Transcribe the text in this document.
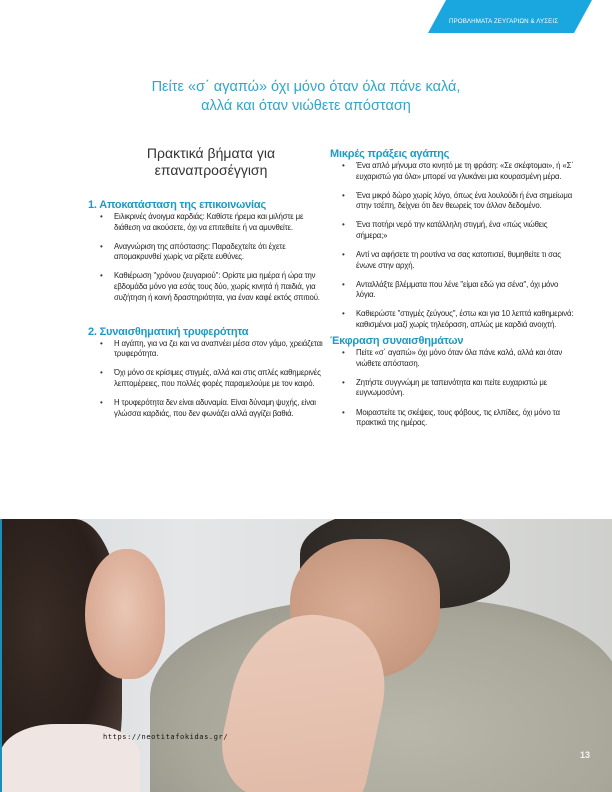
ΠΡΟΒΛΗΜΑΤΑ ΖΕΥΓΑΡΙΩΝ & ΛΥΣΕΙΣ
Πείτε «σ΄ αγαπώ» όχι μόνο όταν όλα πάνε καλά,
αλλά και όταν νιώθετε απόσταση
Πρακτικά βήματα για
επαναπροσέγγιση
1. Αποκατάσταση της επικοινωνίας
• Ειλικρινές άνοιγμα καρδιάς: Καθίστε ήρεμα και μιλήστε με διάθεση να ακούσετε, όχι να επιτεθείτε ή να αμυνθείτε.
• Αναγνώριση της απόστασης: Παραδεχτείτε ότι έχετε απομακρυνθεί χωρίς να ρίξετε ευθύνες.
• Καθιέρωση "χρόνου ζευγαριού": Ορίστε μια ημέρα ή ώρα την εβδομάδα μόνο για εσάς τους δύο, χωρίς κινητά ή παιδιά, για συζήτηση ή κοινή δραστηριότητα, για έναν καφέ εκτός σπιτιού.
2. Συναισθηματική τρυφερότητα
• Η αγάπη, για να ζει και να αναπνέει μέσα στον γάμο, χρειάζεται τρυφερότητα.
• Όχι μόνο σε κρίσιμες στιγμές, αλλά και στις απλές καθημερινές λεπτομέρειες, που πολλές φορές παραμελούμε με τον καιρό.
• Η τρυφερότητα δεν είναι αδυναμία. Είναι δύναμη ψυχής, είναι γλώσσα καρδιάς, που δεν φωνάζει αλλά αγγίζει βαθιά.
Μικρές πράξεις αγάπης
• Ένα απλό μήνυμα στο κινητό με τη φράση: «Σε σκέφτομαι», ή «Σ΄ ευχαριστώ για όλα» μπορεί να γλυκάνει μια κουρασμένη μέρα.
• Ένα μικρό δώρο χωρίς λόγο, όπως ένα λουλούδι ή ένα σημείωμα στην τσέπη, δείχνει ότι δεν θεωρείς τον άλλον δεδομένο.
• Ένα ποτήρι νερό την κατάλληλη στιγμή, ένα «πώς νιώθεις σήμερα;»
• Αντί να αφήσετε τη ρουτίνα να σας κατοπισεί, θυμηθείτε τι σας ένωνε στην αρχή.
• Ανταλλάξτε βλέμματα που λένε "είμαι εδώ για σένα", όχι μόνο λόγια.
• Καθιερώστε "στιγμές ζεύγους", έστω και για 10 λεπτά καθημερινά: καθισμένοι μαζί χωρίς τηλεόραση, απλώς με καρδιά ανοιχτή.
Έκφραση συναισθημάτων
• Πείτε «σ΄ αγαπώ» όχι μόνο όταν όλα πάνε καλά, αλλά και όταν νιώθετε απόσταση.
• Ζητήστε συγγνώμη με ταπεινότητα και πείτε ευχαριστώ με ευγνωμοσύνη.
• Μοιραστείτε τις σκέψεις, τους φόβους, τις ελπίδες, όχι μόνο τα πρακτικά της ημέρας.
https://neotitafokidas.gr/
13
